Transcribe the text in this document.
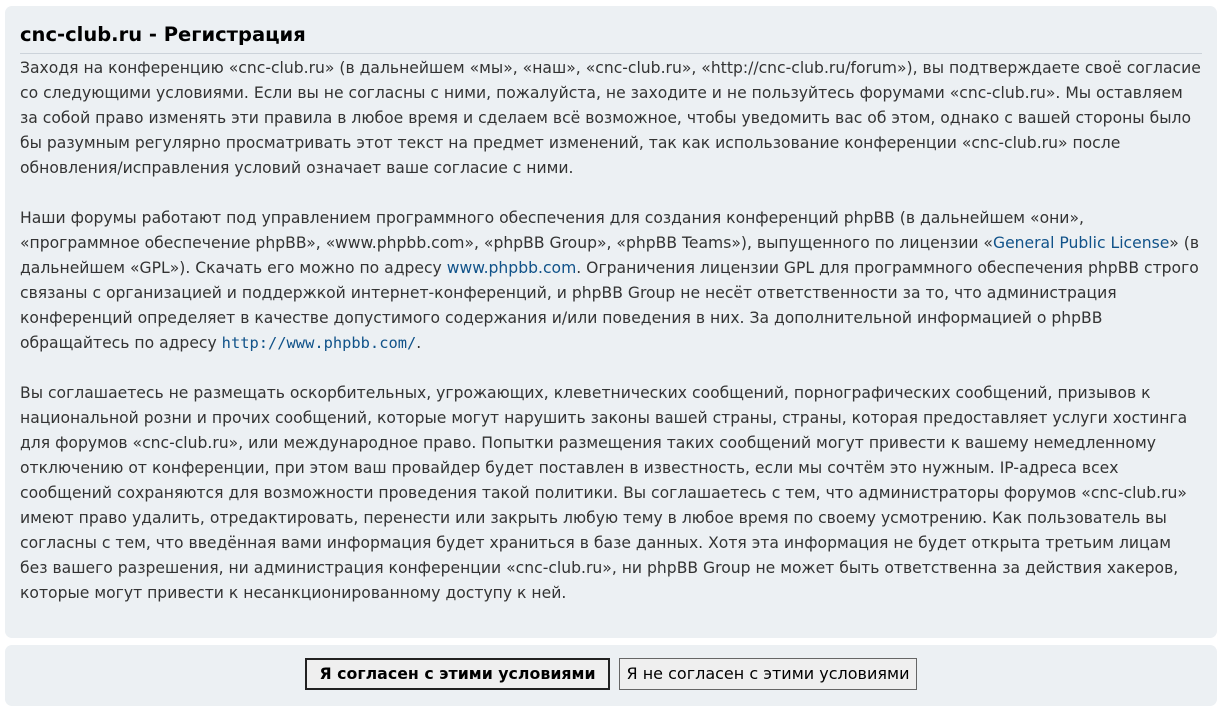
cnc-club.ru - Регистрация

Заходя на конференцию «cnc-club.ru» (в дальнейшем «мы», «наш», «cnc-club.ru», «http://cnc-club.ru/forum»), вы подтверждаете своё согласие со следующими условиями. Если вы не согласны с ними, пожалуйста, не заходите и не пользуйтесь форумами «cnc-club.ru». Мы оставляем за собой право изменять эти правила в любое время и сделаем всё возможное, чтобы уведомить вас об этом, однако с вашей стороны было бы разумным регулярно просматривать этот текст на предмет изменений, так как использование конференции «cnc-club.ru» после обновления/исправления условий означает ваше согласие с ними.

Наши форумы работают под управлением программного обеспечения для создания конференций phpBB (в дальнейшем «они», «программное обеспечение phpBB», «www.phpbb.com», «phpBB Group», «phpBB Teams»), выпущенного по лицензии «General Public License» (в дальнейшем «GPL»). Скачать его можно по адресу www.phpbb.com. Ограничения лицензии GPL для программного обеспечения phpBB строго связаны с организацией и поддержкой интернет-конференций, и phpBB Group не несёт ответственности за то, что администрация конференций определяет в качестве допустимого содержания и/или поведения в них. За дополнительной информацией о phpBB обращайтесь по адресу http://www.phpbb.com/.

Вы соглашаетесь не размещать оскорбительных, угрожающих, клеветнических сообщений, порнографических сообщений, призывов к национальной розни и прочих сообщений, которые могут нарушить законы вашей страны, страны, которая предоставляет услуги хостинга для форумов «cnc-club.ru», или международное право. Попытки размещения таких сообщений могут привести к вашему немедленному отключению от конференции, при этом ваш провайдер будет поставлен в известность, если мы сочтём это нужным. IP-адреса всех сообщений сохраняются для возможности проведения такой политики. Вы соглашаетесь с тем, что администраторы форумов «cnc-club.ru» имеют право удалить, отредактировать, перенести или закрыть любую тему в любое время по своему усмотрению. Как пользователь вы согласны с тем, что введённая вами информация будет храниться в базе данных. Хотя эта информация не будет открыта третьим лицам без вашего разрешения, ни администрация конференции «cnc-club.ru», ни phpBB Group не может быть ответственна за действия хакеров, которые могут привести к несанкционированному доступу к ней.

Я согласен с этими условиями	Я не согласен с этими условиями
